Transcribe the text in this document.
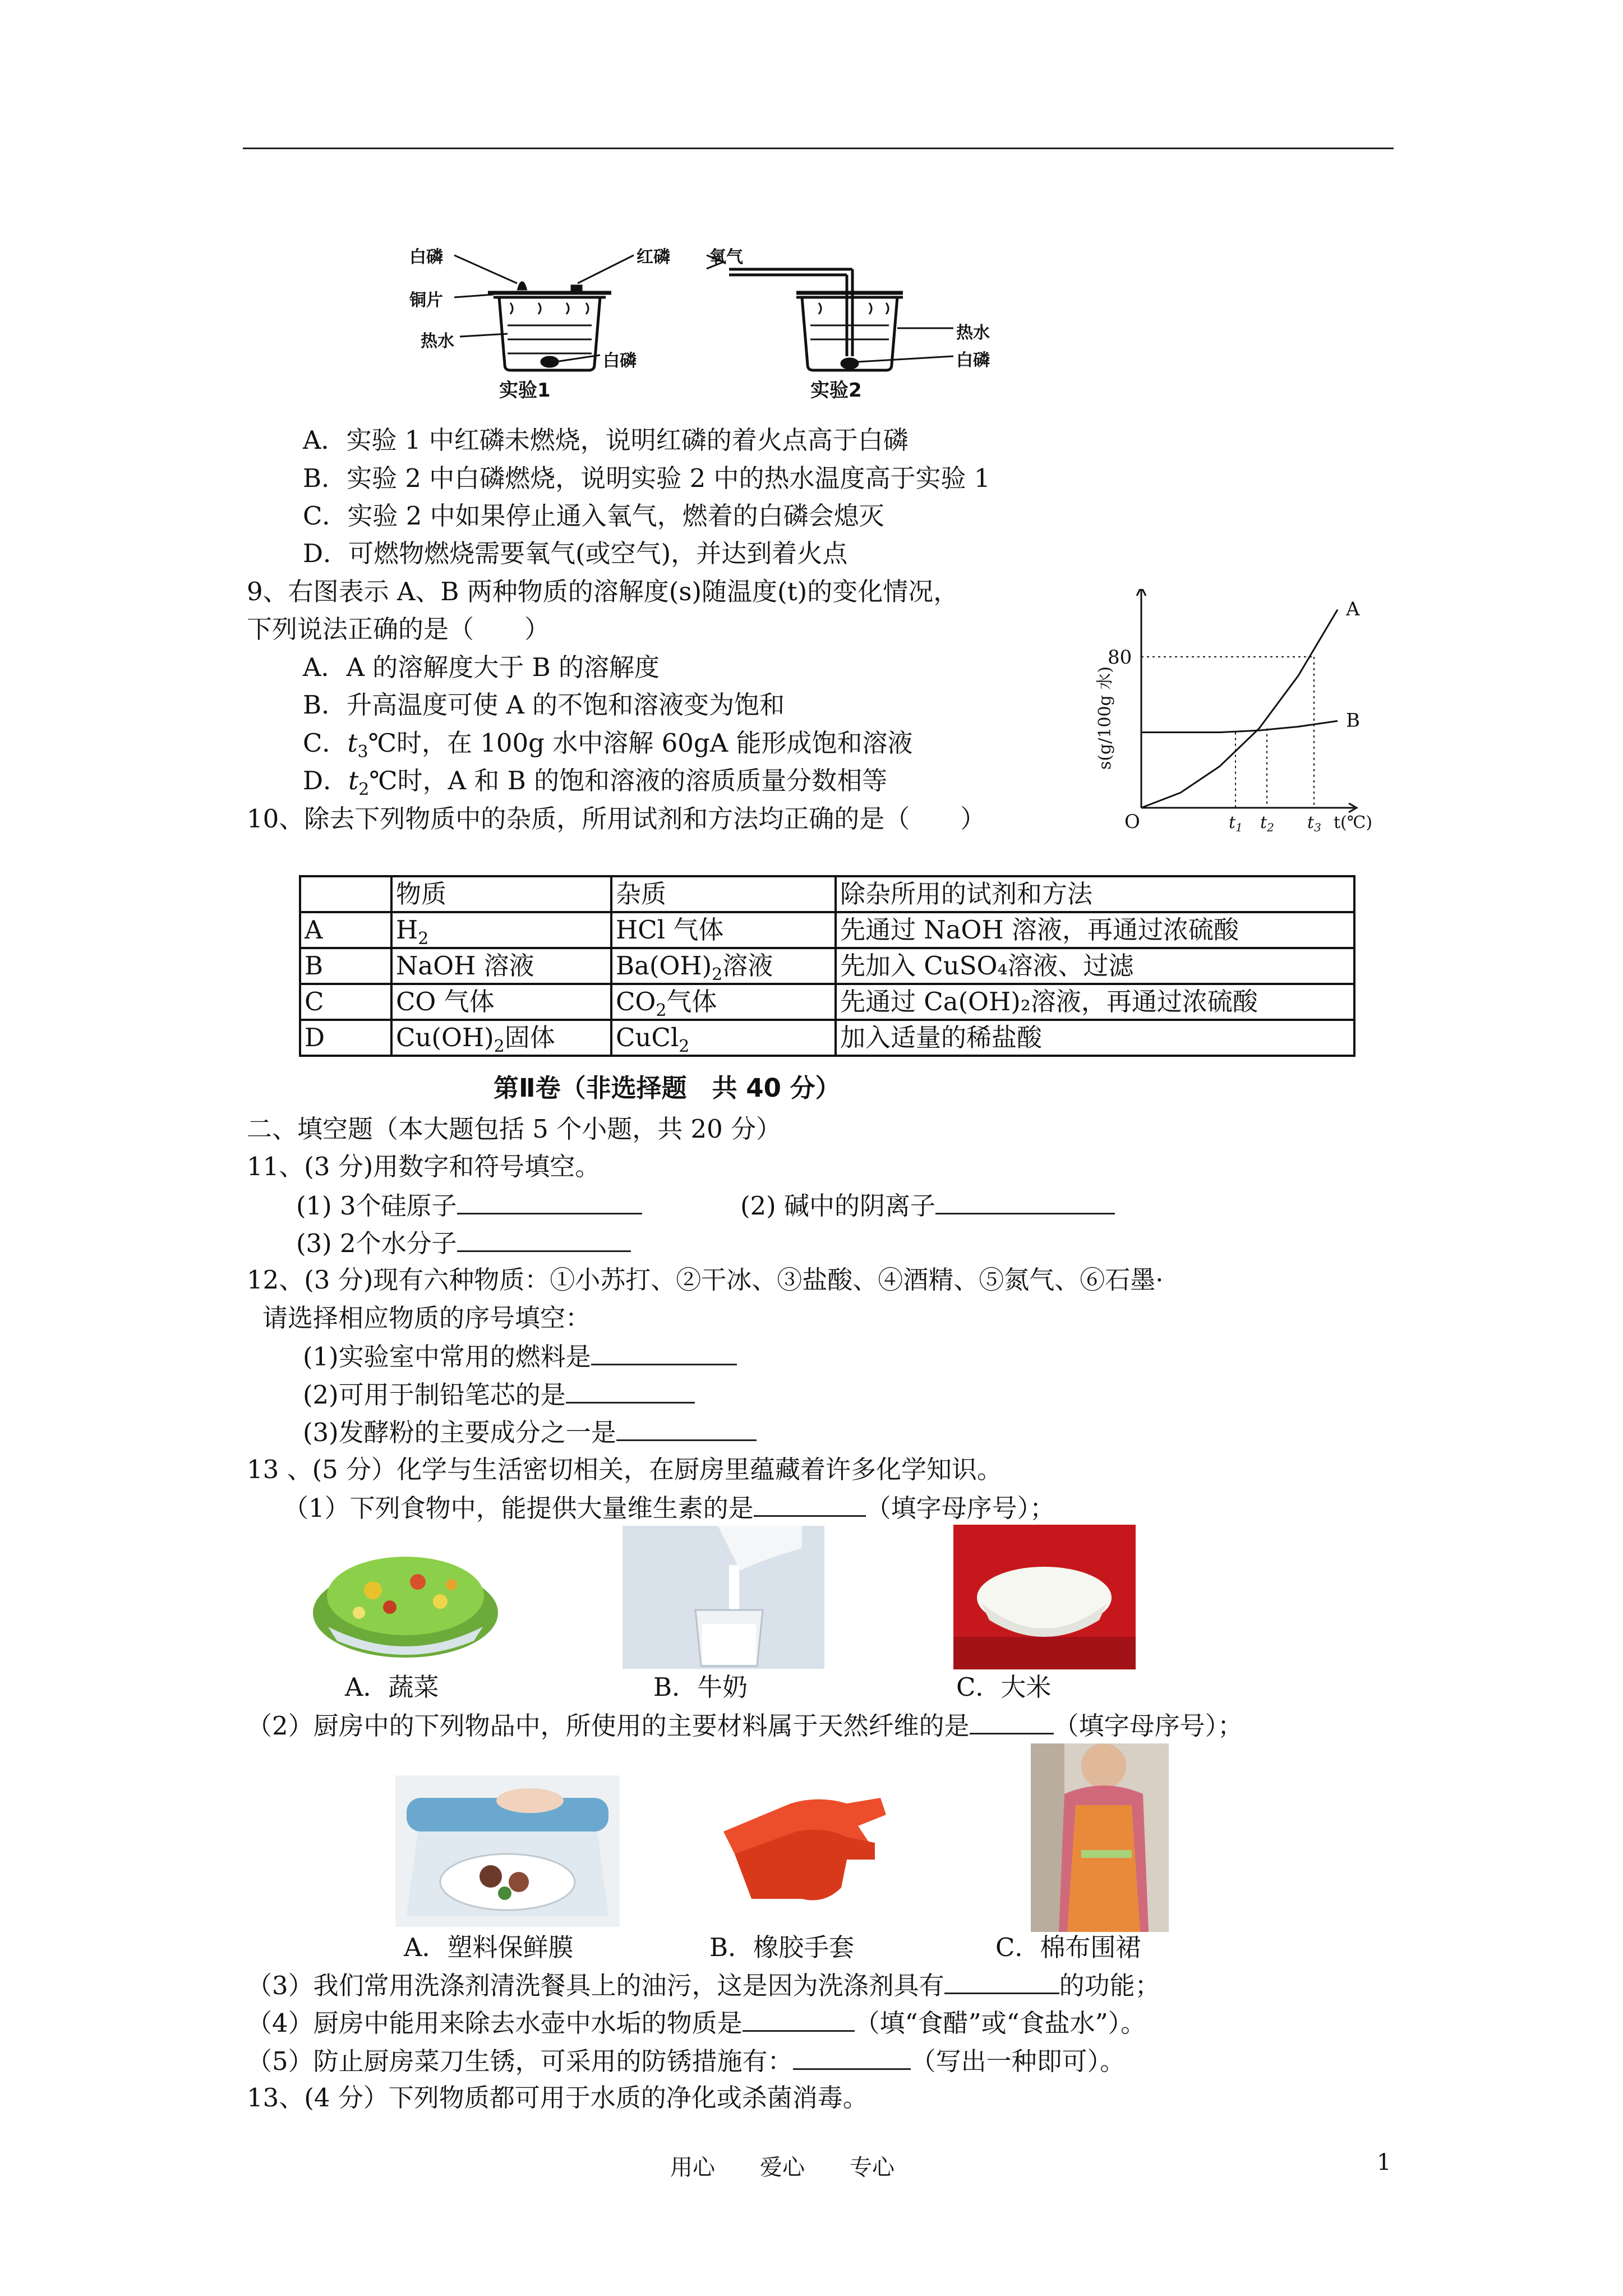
白磷
铜片
热水
红磷
白磷
实验1
氧气
热水
白磷
实验2
A．实验 1 中红磷未燃烧，说明红磷的着火点高于白磷
B．实验 2 中白磷燃烧，说明实验 2 中的热水温度高于实验 1
C．实验 2 中如果停止通入氧气，燃着的白磷会熄灭
D．可燃物燃烧需要氧气(或空气)，并达到着火点
9、右图表示 A、B 两种物质的溶解度(s)随温度(t)的变化情况，
下列说法正确的是（　　）
A．A 的溶解度大于 B 的溶解度
B．升高温度可使 A 的不饱和溶液变为饱和
C．$t_3℃$时，在 100g 水中溶解 60gA 能形成饱和溶液
D．$t_2℃$时，A 和 B 的饱和溶液的溶质质量分数相等
A
B
80
O	$t_1$ $t_2$ $t_3$ t(℃)
s(g/100g 水)
10、除去下列物质中的杂质，所用试剂和方法均正确的是（　　）
	物质	杂质	除杂所用的试剂和方法
A	$H_2$	HCl 气体	先通过 NaOH 溶液，再通过浓硫酸
B	NaOH 溶液	$Ba(OH)_2$溶液	先加入 CuSO₄溶液、过滤
C	CO 气体	$CO_2$气体	先通过 Ca(OH)₂溶液，再通过浓硫酸
D	$Cu(OH)_2$固体	CuCl$_2$	加入适量的稀盐酸
第Ⅱ卷（非选择题　共 40 分）
二、填空题（本大题包括 5 个小题，共 20 分）
11、(3 分)用数字和符号填空。
(1) 3个硅原子	(2) 碱中的阴离子
(3) 2个水分子
12、(3 分)现有六种物质：①小苏打、②干冰、③盐酸、④酒精、⑤氮气、⑥石墨·
请选择相应物质的序号填空：
(1)实验室中常用的燃料是
(2)可用于制铅笔芯的是
(3)发酵粉的主要成分之一是
13 、(5 分）化学与生活密切相关，在厨房里蕴藏着许多化学知识。
（1）下列食物中，能提供大量维生素的是	（填字母序号）；
A．蔬菜	B．牛奶	C．大米
（2）厨房中的下列物品中，所使用的主要材料属于天然纤维的是	（填字母序号）；
A．塑料保鲜膜	B．橡胶手套	C．棉布围裙
（3）我们常用洗涤剂清洗餐具上的油污，这是因为洗涤剂具有	的功能；
（4）厨房中能用来除去水壶中水垢的物质是	（填“食醋”或“食盐水”）。
（5）防止厨房菜刀生锈，可采用的防锈措施有：	（写出一种即可）。
13、(4 分）下列物质都可用于水质的净化或杀菌消毒。
用心　　爱心　　专心	1
